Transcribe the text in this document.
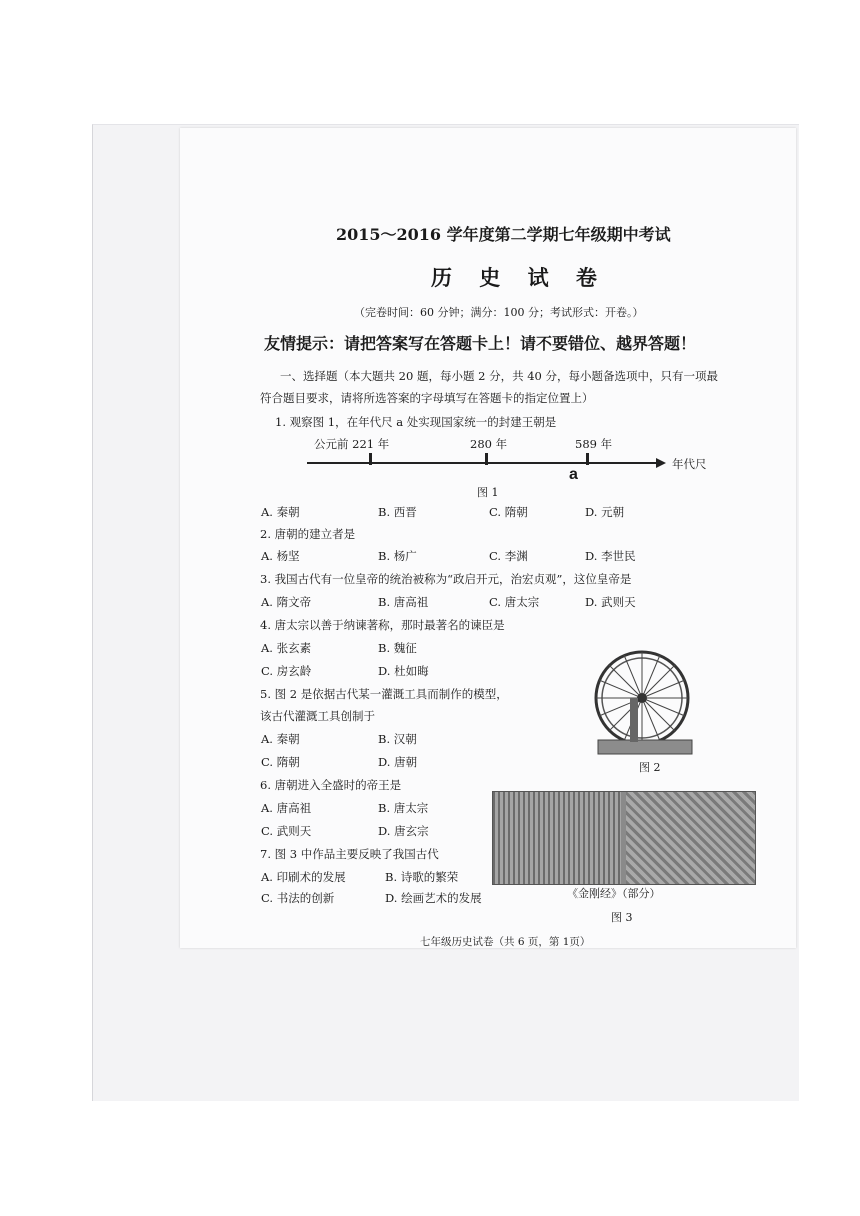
2015～2016 学年度第二学期七年级期中考试
历 史 试 卷
（完卷时间：60 分钟；满分：100 分；考试形式：开卷。）
友情提示：请把答案写在答题卡上！请不要错位、越界答题！
一、选择题（本大题共 20 题，每小题 2 分，共 40 分，每小题备选项中，只有一项最
符合题目要求，请将所选答案的字母填写在答题卡的指定位置上）
1. 观察图 1，在年代尺 a 处实现国家统一的封建王朝是
公元前 221 年	280 年	589 年
年代尺
a
图 1
A. 秦朝	B. 西晋	C. 隋朝	D. 元朝
2. 唐朝的建立者是
A. 杨坚	B. 杨广	C. 李渊	D. 李世民
3. 我国古代有一位皇帝的统治被称为“政启开元，治宏贞观”，这位皇帝是
A. 隋文帝	B. 唐高祖	C. 唐太宗	D. 武则天
4. 唐太宗以善于纳谏著称，那时最著名的谏臣是
A. 张玄素	B. 魏征
C. 房玄龄	D. 杜如晦
5. 图 2 是依据古代某一灌溉工具而制作的模型，
该古代灌溉工具创制于
A. 秦朝	B. 汉朝
C. 隋朝	D. 唐朝	图 2
6. 唐朝进入全盛时的帝王是
A. 唐高祖	B. 唐太宗
C. 武则天	D. 唐玄宗
《金刚经》（部分）
图 3
7. 图 3 中作品主要反映了我国古代
A. 印刷术的发展	B. 诗歌的繁荣
C. 书法的创新	D. 绘画艺术的发展
七年级历史试卷（共 6 页，第 1页）
